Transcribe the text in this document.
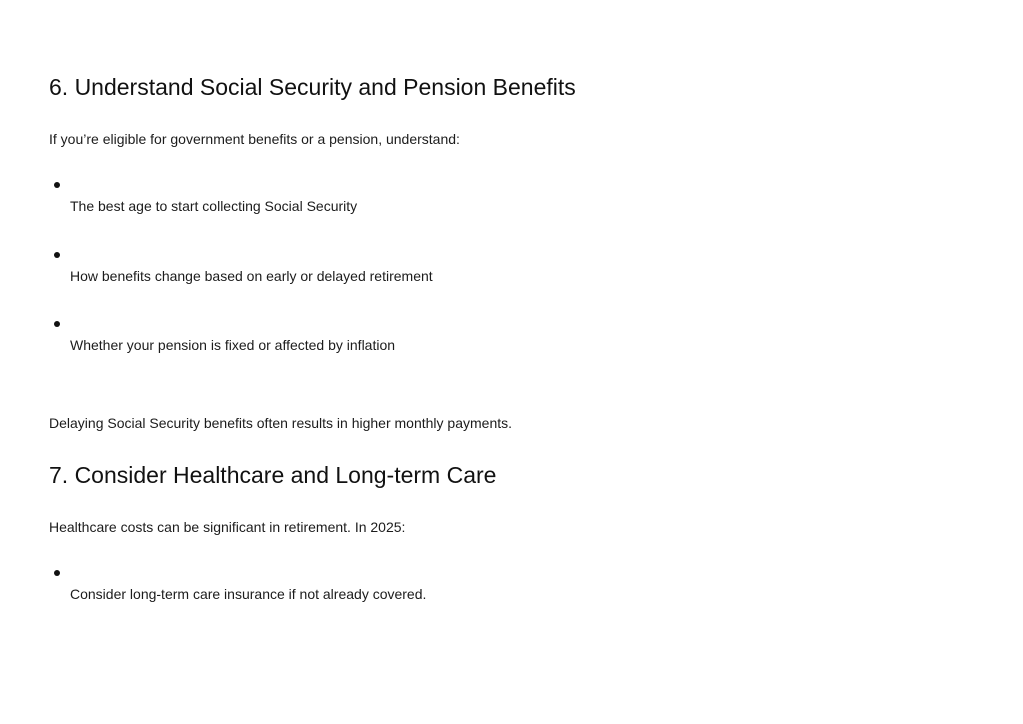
6. Understand Social Security and Pension Benefits

If you’re eligible for government benefits or a pension, understand:

The best age to start collecting Social Security
How benefits change based on early or delayed retirement
Whether your pension is fixed or affected by inflation

Delaying Social Security benefits often results in higher monthly payments.

7. Consider Healthcare and Long-term Care

Healthcare costs can be significant in retirement. In 2025:

Consider long-term care insurance if not already covered.
